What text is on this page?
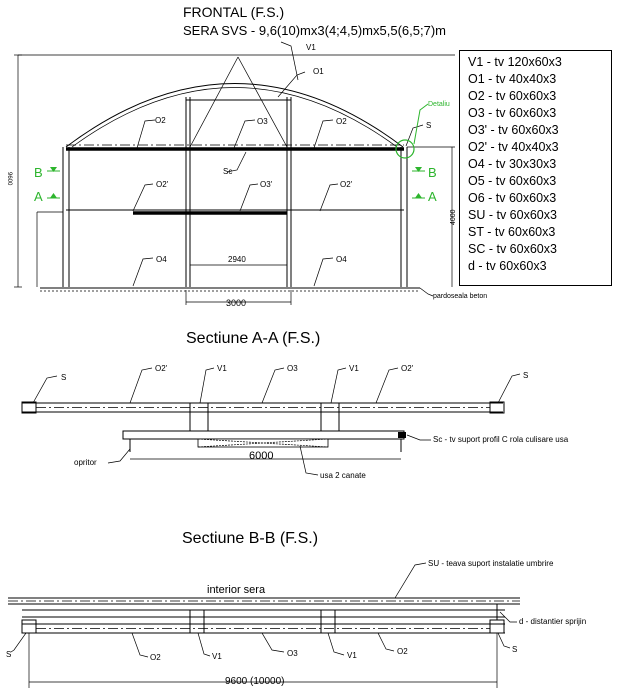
FRONTAL (F.S.)
SERA SVS - 9,6(10)mx3(4;4,5)mx5,5(6,5;7)m
9600
2940
3000
4000
V1
O1
O2	O3	O2
Sc
O2'	O3'	O2'
O4	O4
S
pardoseala beton
Detaliu
B
A
B
A
Sectiune A-A (F.S.)
6000
S
O2'	V1	O3	V1	O2'
S
Sc - tv suport profil C rola culisare usa
opritor
usa 2 canate
Sectiune B-B (F.S.)
interior sera
SU - teava suport instalatie umbrire
d - distantier sprijin
S	O2	V1	O3	V1	O2	S
9600 (10000)
V1 - tv 120x60x3
O1 - tv 40x40x3
O2 - tv 60x60x3
O3 - tv 60x60x3
O3' - tv 60x60x3
O2' - tv 40x40x3
O4 - tv 30x30x3
O5 - tv 60x60x3
O6 - tv 60x60x3
SU - tv 60x60x3
ST - tv 60x60x3
SC - tv 60x60x3
d - tv 60x60x3
